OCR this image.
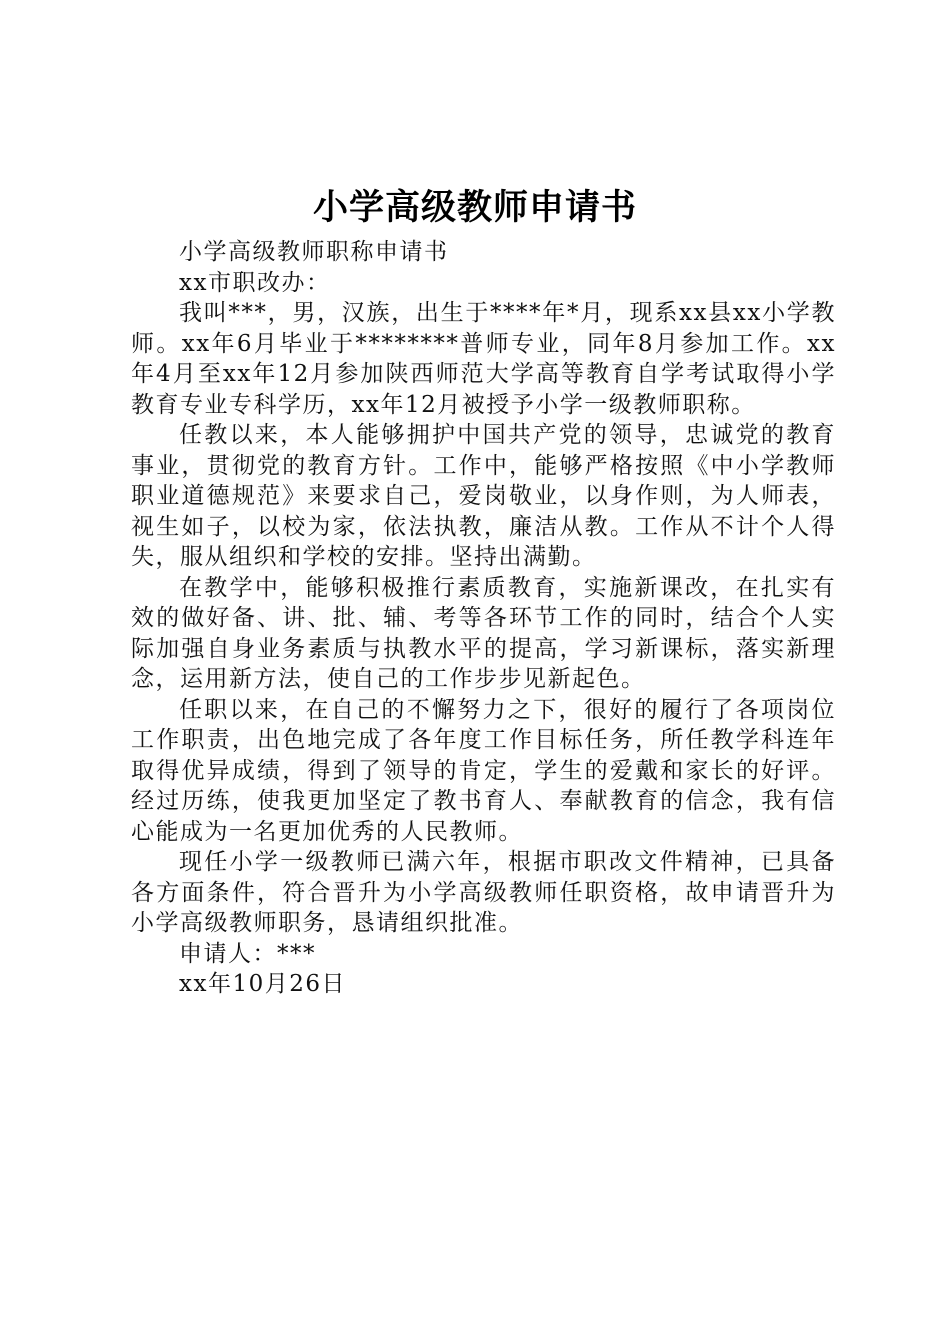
小学高级教师申请书

小学高级教师职称申请书

xx市职改办：

我叫***，男，汉族，出生于****年*月，现系xx县xx小学教师。xx年6月毕业于********普师专业，同年8月参加工作。xx年4月至xx年12月参加陕西师范大学高等教育自学考试取得小学教育专业专科学历，xx年12月被授予小学一级教师职称。

任教以来，本人能够拥护中国共产党的领导，忠诚党的教育事业，贯彻党的教育方针。工作中，能够严格按照《中小学教师职业道德规范》来要求自己，爱岗敬业，以身作则，为人师表，视生如子，以校为家，依法执教，廉洁从教。工作从不计个人得失，服从组织和学校的安排。坚持出满勤。

在教学中，能够积极推行素质教育，实施新课改，在扎实有效的做好备、讲、批、辅、考等各环节工作的同时，结合个人实际加强自身业务素质与执教水平的提高，学习新课标，落实新理念，运用新方法，使自己的工作步步见新起色。

任职以来，在自己的不懈努力之下，很好的履行了各项岗位工作职责，出色地完成了各年度工作目标任务，所任教学科连年取得优异成绩，得到了领导的肯定，学生的爱戴和家长的好评。经过历练，使我更加坚定了教书育人、奉献教育的信念，我有信心能成为一名更加优秀的人民教师。

现任小学一级教师已满六年，根据市职改文件精神，已具备各方面条件，符合晋升为小学高级教师任职资格，故申请晋升为小学高级教师职务，恳请组织批准。

申请人：***

xx年10月26日
